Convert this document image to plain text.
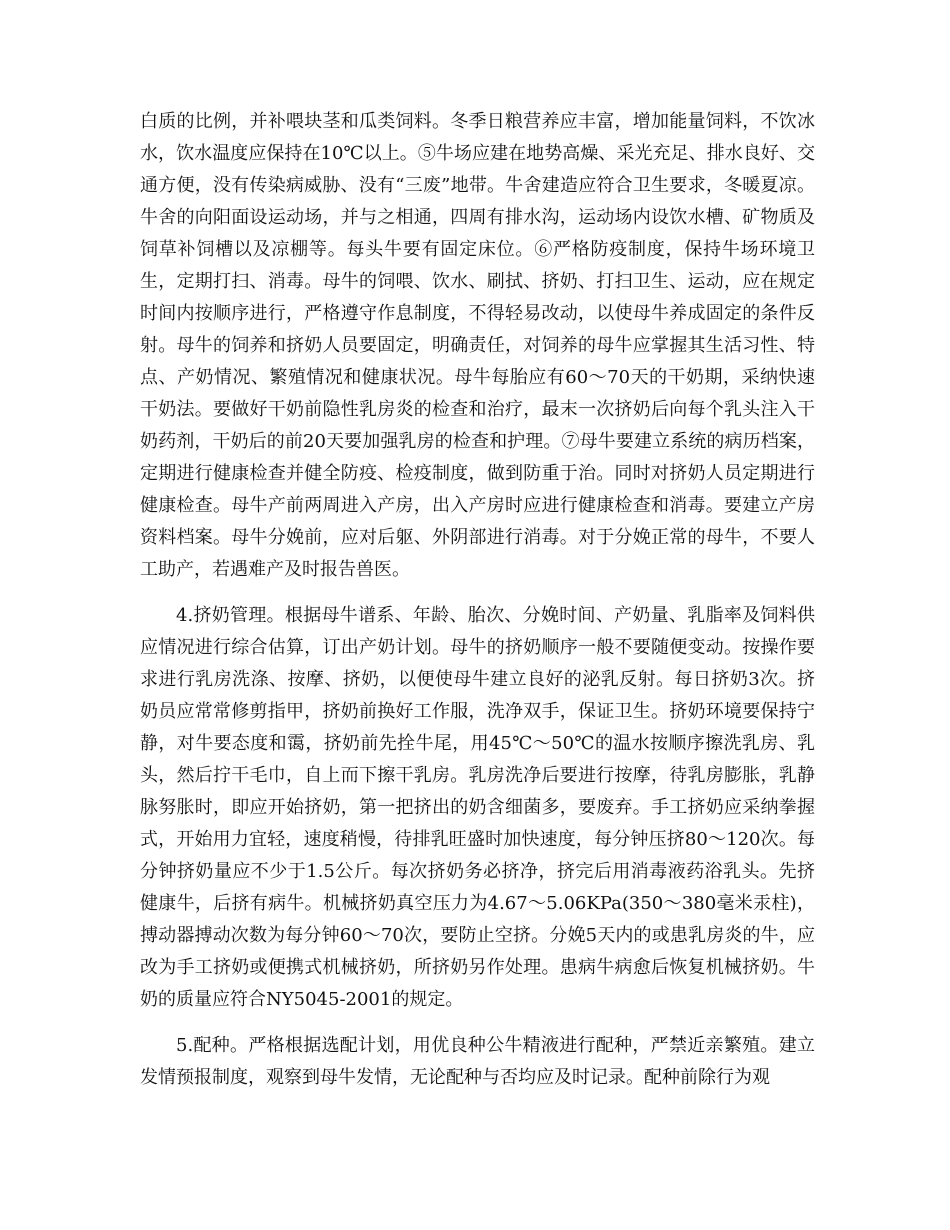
白质的比例，并补喂块茎和瓜类饲料。冬季日粮营养应丰富，增加能量饲料，不饮冰水，饮水温度应保持在10℃以上。⑤牛场应建在地势高燥、采光充足、排水良好、交通方便，没有传染病威胁、没有“三废”地带。牛舍建造应符合卫生要求，冬暖夏凉。牛舍的向阳面设运动场，并与之相通，四周有排水沟，运动场内设饮水槽、矿物质及饲草补饲槽以及凉棚等。每头牛要有固定床位。⑥严格防疫制度，保持牛场环境卫生，定期打扫、消毒。母牛的饲喂、饮水、刷拭、挤奶、打扫卫生、运动，应在规定时间内按顺序进行，严格遵守作息制度，不得轻易改动，以使母牛养成固定的条件反射。母牛的饲养和挤奶人员要固定，明确责任，对饲养的母牛应掌握其生活习性、特点、产奶情况、繁殖情况和健康状况。母牛每胎应有60～70天的干奶期，采纳快速干奶法。要做好干奶前隐性乳房炎的检查和治疗，最末一次挤奶后向每个乳头注入干奶药剂，干奶后的前20天要加强乳房的检查和护理。⑦母牛要建立系统的病历档案，定期进行健康检查并健全防疫、检疫制度，做到防重于治。同时对挤奶人员定期进行健康检查。母牛产前两周进入产房，出入产房时应进行健康检查和消毒。要建立产房资料档案。母牛分娩前，应对后躯、外阴部进行消毒。对于分娩正常的母牛，不要人工助产，若遇难产及时报告兽医。

4.挤奶管理。根据母牛谱系、年龄、胎次、分娩时间、产奶量、乳脂率及饲料供应情况进行综合估算，订出产奶计划。母牛的挤奶顺序一般不要随便变动。按操作要求进行乳房洗涤、按摩、挤奶，以便使母牛建立良好的泌乳反射。每日挤奶3次。挤奶员应常常修剪指甲，挤奶前换好工作服，洗净双手，保证卫生。挤奶环境要保持宁静，对牛要态度和霭，挤奶前先拴牛尾，用45℃～50℃的温水按顺序擦洗乳房、乳头，然后拧干毛巾，自上而下擦干乳房。乳房洗净后要进行按摩，待乳房膨胀，乳静脉努胀时，即应开始挤奶，第一把挤出的奶含细菌多，要废弃。手工挤奶应采纳拳握式，开始用力宜轻，速度稍慢，待排乳旺盛时加快速度，每分钟压挤80～120次。每分钟挤奶量应不少于1.5公斤。每次挤奶务必挤净，挤完后用消毒液药浴乳头。先挤健康牛，后挤有病牛。机械挤奶真空压力为4.67～5.06KPa(350～380毫米汞柱)，搏动器搏动次数为每分钟60～70次，要防止空挤。分娩5天内的或患乳房炎的牛，应改为手工挤奶或便携式机械挤奶，所挤奶另作处理。患病牛病愈后恢复机械挤奶。牛奶的质量应符合NY5045-2001的规定。

5.配种。严格根据选配计划，用优良种公牛精液进行配种，严禁近亲繁殖。建立发情预报制度，观察到母牛发情，无论配种与否均应及时记录。配种前除行为观
